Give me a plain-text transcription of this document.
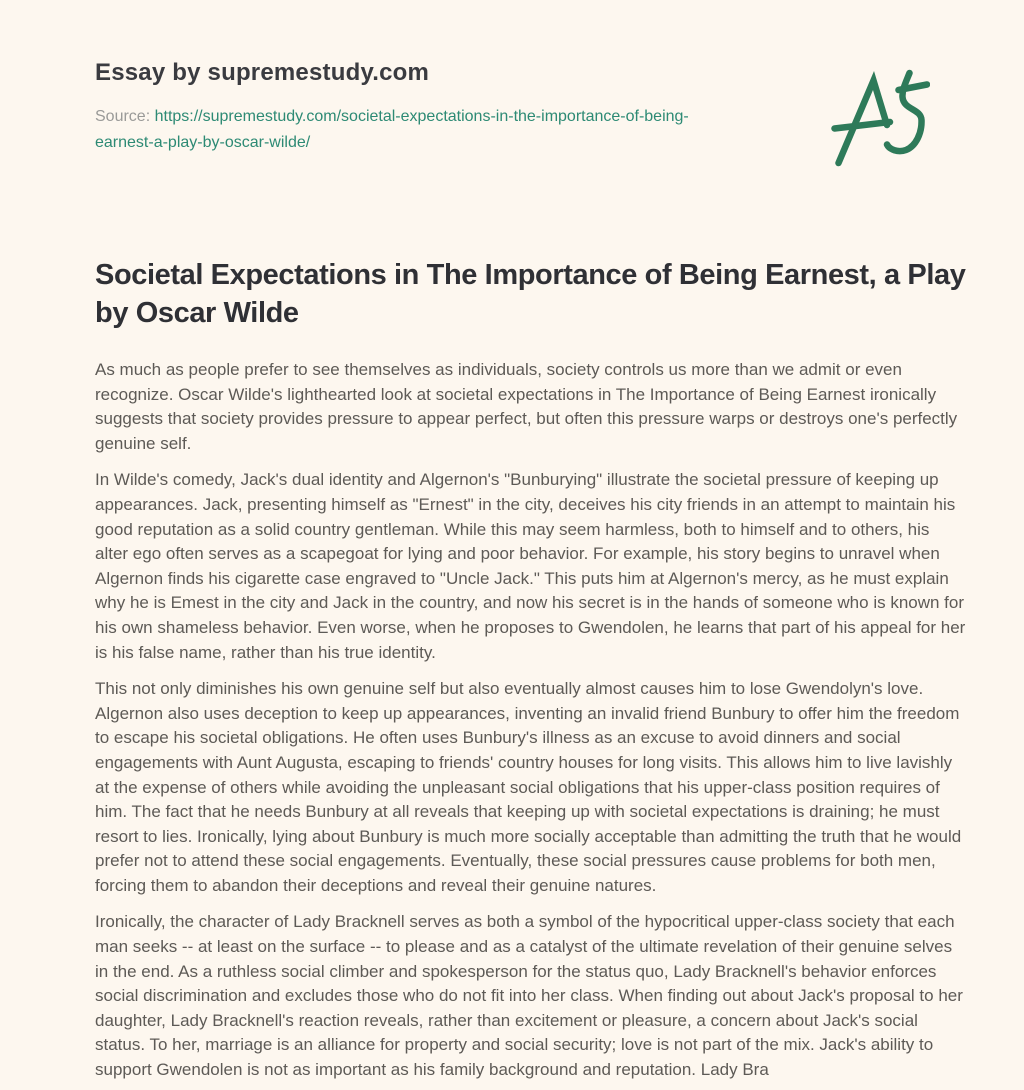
Essay by supremestudy.com

Source: https://supremestudy.com/societal-expectations-in-the-importance-of-being-earnest-a-play-by-oscar-wilde/

Societal Expectations in The Importance of Being Earnest, a Play by Oscar Wilde

As much as people prefer to see themselves as individuals, society controls us more than we admit or even recognize. Oscar Wilde's lighthearted look at societal expectations in The Importance of Being Earnest ironically suggests that society provides pressure to appear perfect, but often this pressure warps or destroys one's perfectly genuine self.

In Wilde's comedy, Jack's dual identity and Algernon's "Bunburying" illustrate the societal pressure of keeping up appearances. Jack, presenting himself as "Ernest" in the city, deceives his city friends in an attempt to maintain his good reputation as a solid country gentleman. While this may seem harmless, both to himself and to others, his alter ego often serves as a scapegoat for lying and poor behavior. For example, his story begins to unravel when Algernon finds his cigarette case engraved to "Uncle Jack." This puts him at Algernon's mercy, as he must explain why he is Emest in the city and Jack in the country, and now his secret is in the hands of someone who is known for his own shameless behavior. Even worse, when he proposes to Gwendolen, he learns that part of his appeal for her is his false name, rather than his true identity.

This not only diminishes his own genuine self but also eventually almost causes him to lose Gwendolyn's love. Algernon also uses deception to keep up appearances, inventing an invalid friend Bunbury to offer him the freedom to escape his societal obligations. He often uses Bunbury's illness as an excuse to avoid dinners and social engagements with Aunt Augusta, escaping to friends' country houses for long visits. This allows him to live lavishly at the expense of others while avoiding the unpleasant social obligations that his upper-class position requires of him. The fact that he needs Bunbury at all reveals that keeping up with societal expectations is draining; he must resort to lies. Ironically, lying about Bunbury is much more socially acceptable than admitting the truth that he would prefer not to attend these social engagements. Eventually, these social pressures cause problems for both men, forcing them to abandon their deceptions and reveal their genuine natures.

Ironically, the character of Lady Bracknell serves as both a symbol of the hypocritical upper-class society that each man seeks -- at least on the surface -- to please and as a catalyst of the ultimate revelation of their genuine selves in the end. As a ruthless social climber and spokesperson for the status quo, Lady Bracknell's behavior enforces social discrimination and excludes those who do not fit into her class. When finding out about Jack's proposal to her daughter, Lady Bracknell's reaction reveals, rather than excitement or pleasure, a concern about Jack's social status. To her, marriage is an alliance for property and social security; love is not part of the mix. Jack's ability to support Gwendolen is not as important as his family background and reputation. Lady Bra
